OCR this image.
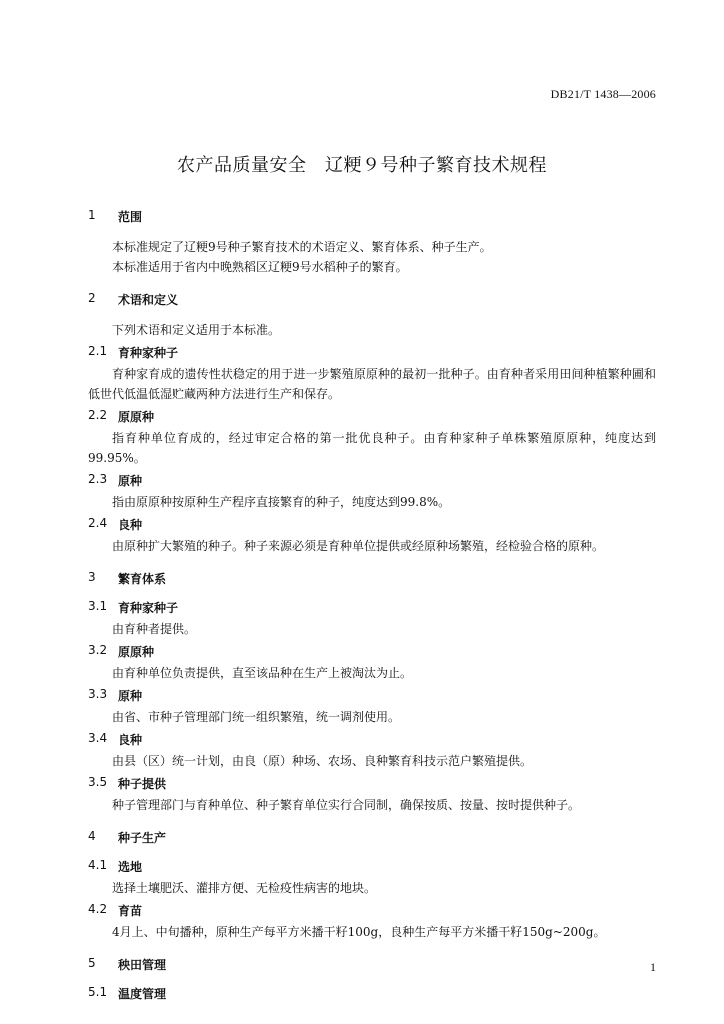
DB21/T 1438—2006
农产品质量安全　辽粳９号种子繁育技术规程
1	范围

本标准规定了辽粳9号种子繁育技术的术语定义、繁育体系、种子生产。

本标准适用于省内中晚熟稻区辽粳9号水稻种子的繁育。

2	术语和定义

下列术语和定义适用于本标准。

2.1 育种家种子

育种家育成的遗传性状稳定的用于进一步繁殖原原种的最初一批种子。由育种者采用田间种植繁种圃和低世代低温低湿贮藏两种方法进行生产和保存。

2.2 原原种

指育种单位育成的，经过审定合格的第一批优良种子。由育种家种子单株繁殖原原种，纯度达到99.95%。

2.3 原种

指由原原种按原种生产程序直接繁育的种子，纯度达到99.8%。

2.4 良种

由原种扩大繁殖的种子。种子来源必须是育种单位提供或经原种场繁殖，经检验合格的原种。

3	繁育体系
3.1 育种家种子

由育种者提供。

3.2 原原种

由育种单位负责提供，直至该品种在生产上被淘汰为止。

3.3 原种

由省、市种子管理部门统一组织繁殖，统一调剂使用。

3.4 良种

由县（区）统一计划，由良（原）种场、农场、良种繁育科技示范户繁殖提供。

3.5 种子提供

种子管理部门与育种单位、种子繁育单位实行合同制，确保按质、按量、按时提供种子。

4	种子生产
4.1 选地

选择土壤肥沃、灌排方便、无检疫性病害的地块。

4.2 育苗

4月上、中旬播种，原种生产每平方米播干籽100g，良种生产每平方米播干籽150g~200g。

5	秧田管理
5.1 温度管理
1
